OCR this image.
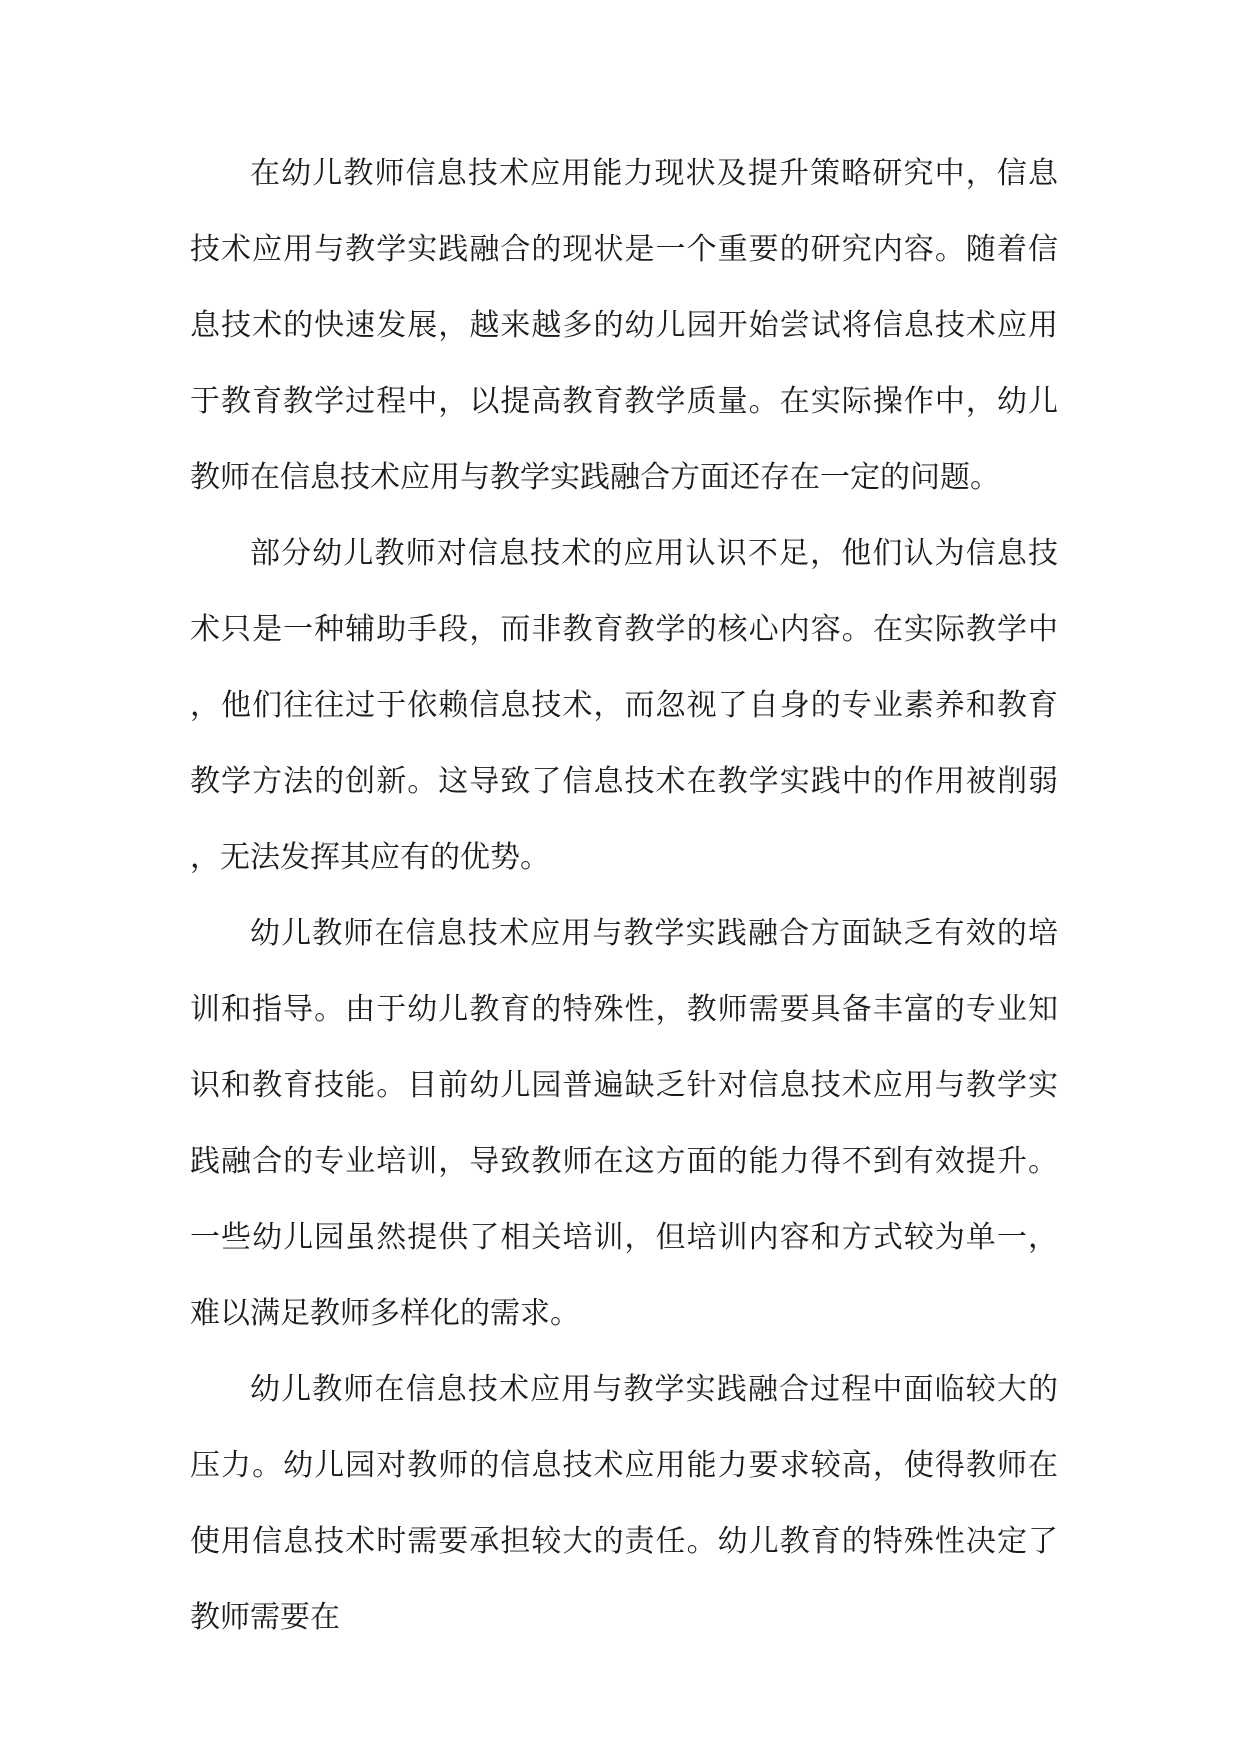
在幼儿教师信息技术应用能力现状及提升策略研究中，信息技术应用与教学实践融合的现状是一个重要的研究内容。随着信息技术的快速发展，越来越多的幼儿园开始尝试将信息技术应用于教育教学过程中，以提高教育教学质量。在实际操作中，幼儿教师在信息技术应用与教学实践融合方面还存在一定的问题。

部分幼儿教师对信息技术的应用认识不足，他们认为信息技术只是一种辅助手段，而非教育教学的核心内容。在实际教学中，他们往往过于依赖信息技术，而忽视了自身的专业素养和教育教学方法的创新。这导致了信息技术在教学实践中的作用被削弱，无法发挥其应有的优势。

幼儿教师在信息技术应用与教学实践融合方面缺乏有效的培训和指导。由于幼儿教育的特殊性，教师需要具备丰富的专业知识和教育技能。目前幼儿园普遍缺乏针对信息技术应用与教学实践融合的专业培训，导致教师在这方面的能力得不到有效提升。一些幼儿园虽然提供了相关培训，但培训内容和方式较为单一，难以满足教师多样化的需求。

幼儿教师在信息技术应用与教学实践融合过程中面临较大的压力。幼儿园对教师的信息技术应用能力要求较高，使得教师在使用信息技术时需要承担较大的责任。幼儿教育的特殊性决定了教师需要在
